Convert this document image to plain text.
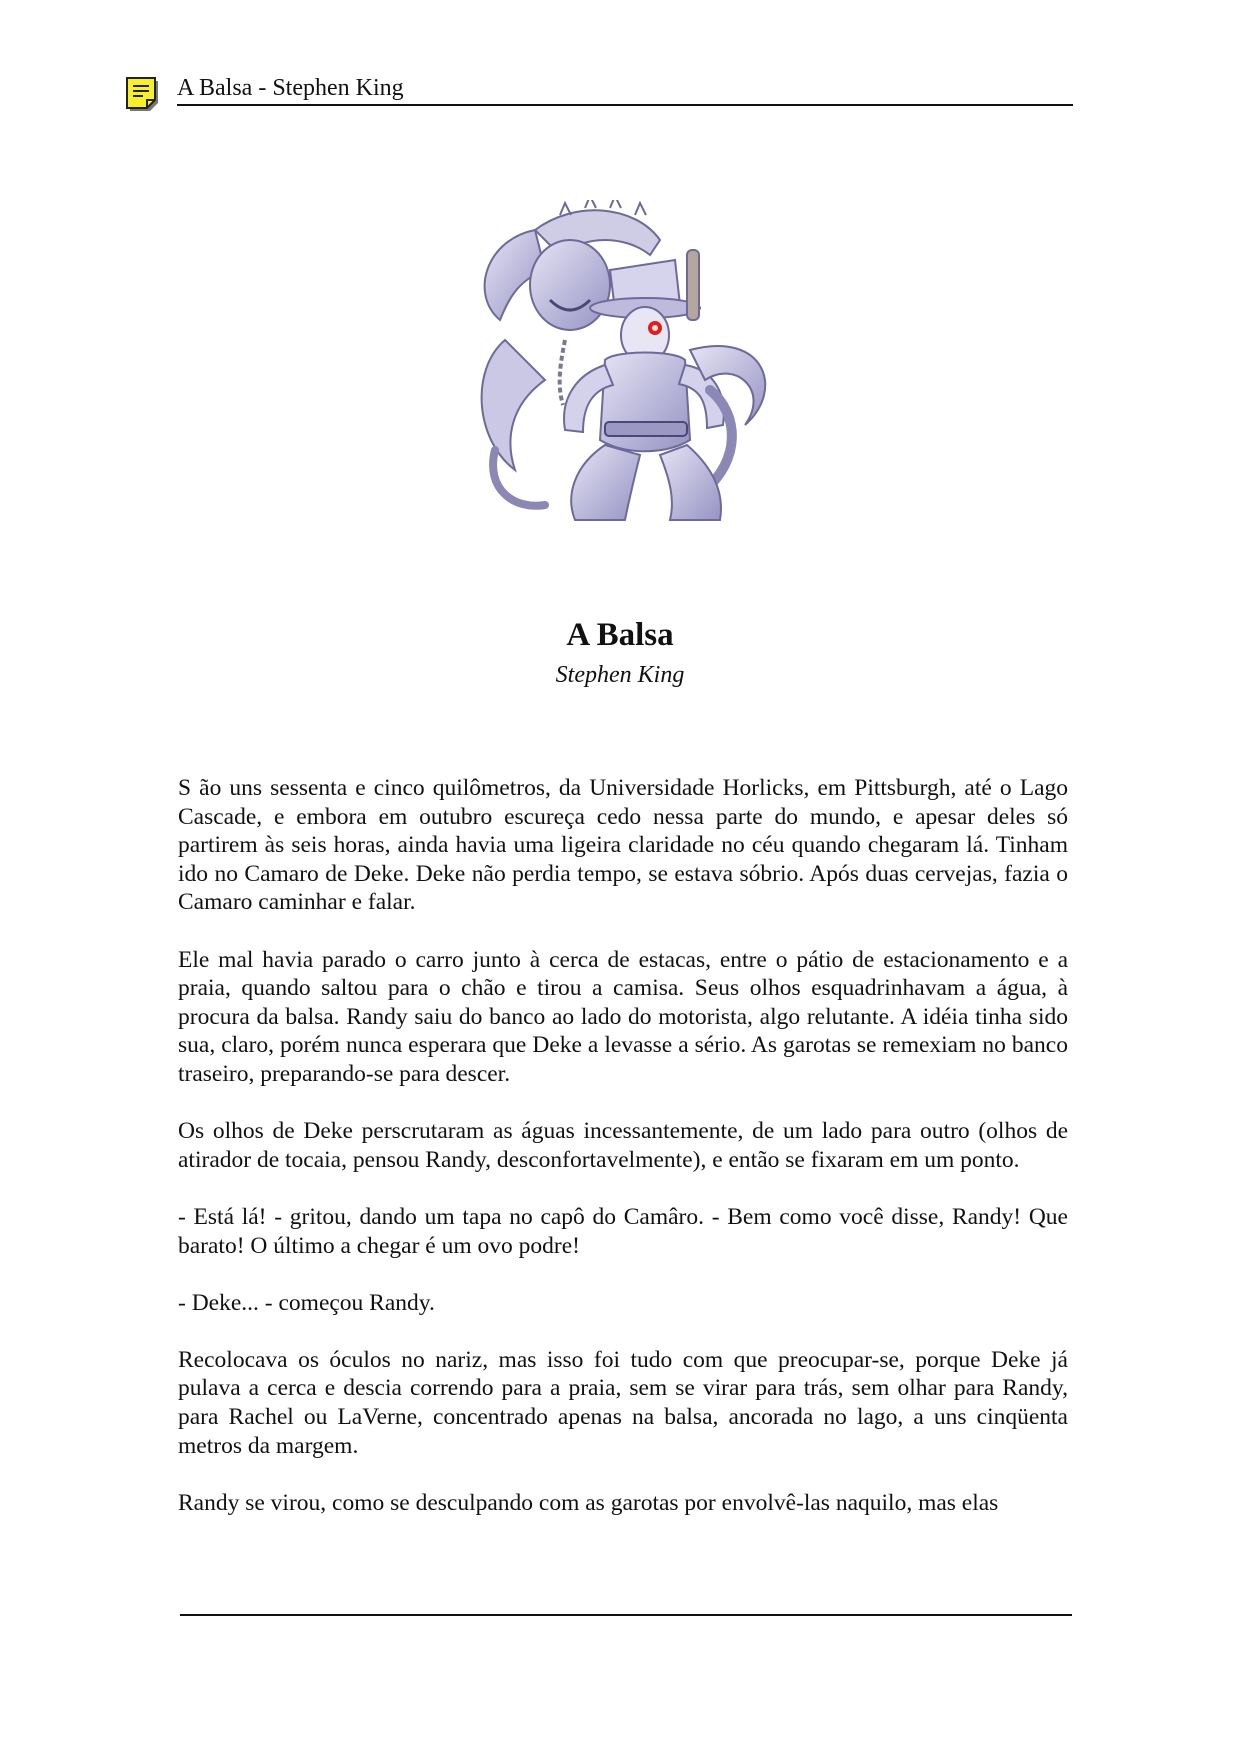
A Balsa - Stephen King
A Balsa
Stephen King

S ão uns sessenta e cinco quilômetros, da Universidade Horlicks, em Pittsburgh, até o Lago Cascade, e embora em outubro escureça cedo nessa parte do mundo, e apesar deles só partirem às seis horas, ainda havia uma ligeira claridade no céu quando chegaram lá. Tinham ido no Camaro de Deke. Deke não perdia tempo, se estava sóbrio. Após duas cervejas, fazia o Camaro caminhar e falar.

Ele mal havia parado o carro junto à cerca de estacas, entre o pátio de estacionamento e a praia, quando saltou para o chão e tirou a camisa. Seus olhos esquadrinhavam a água, à procura da balsa. Randy saiu do banco ao lado do motorista, algo relutante. A idéia tinha sido sua, claro, porém nunca esperara que Deke a levasse a sério. As garotas se remexiam no banco traseiro, preparando-se para descer.

Os olhos de Deke perscrutaram as águas incessantemente, de um lado para outro (olhos de atirador de tocaia, pensou Randy, desconfortavelmente), e então se fixaram em um ponto.

- Está lá! - gritou, dando um tapa no capô do Camâro. - Bem como você disse, Randy! Que barato! O último a chegar é um ovo podre!

- Deke... - começou Randy.

Recolocava os óculos no nariz, mas isso foi tudo com que preocupar-se, porque Deke já pulava a cerca e descia correndo para a praia, sem se virar para trás, sem olhar para Randy, para Rachel ou LaVerne, concentrado apenas na balsa, ancorada no lago, a uns cinqüenta metros da margem.

Randy se virou, como se desculpando com as garotas por envolvê-las naquilo, mas elas
